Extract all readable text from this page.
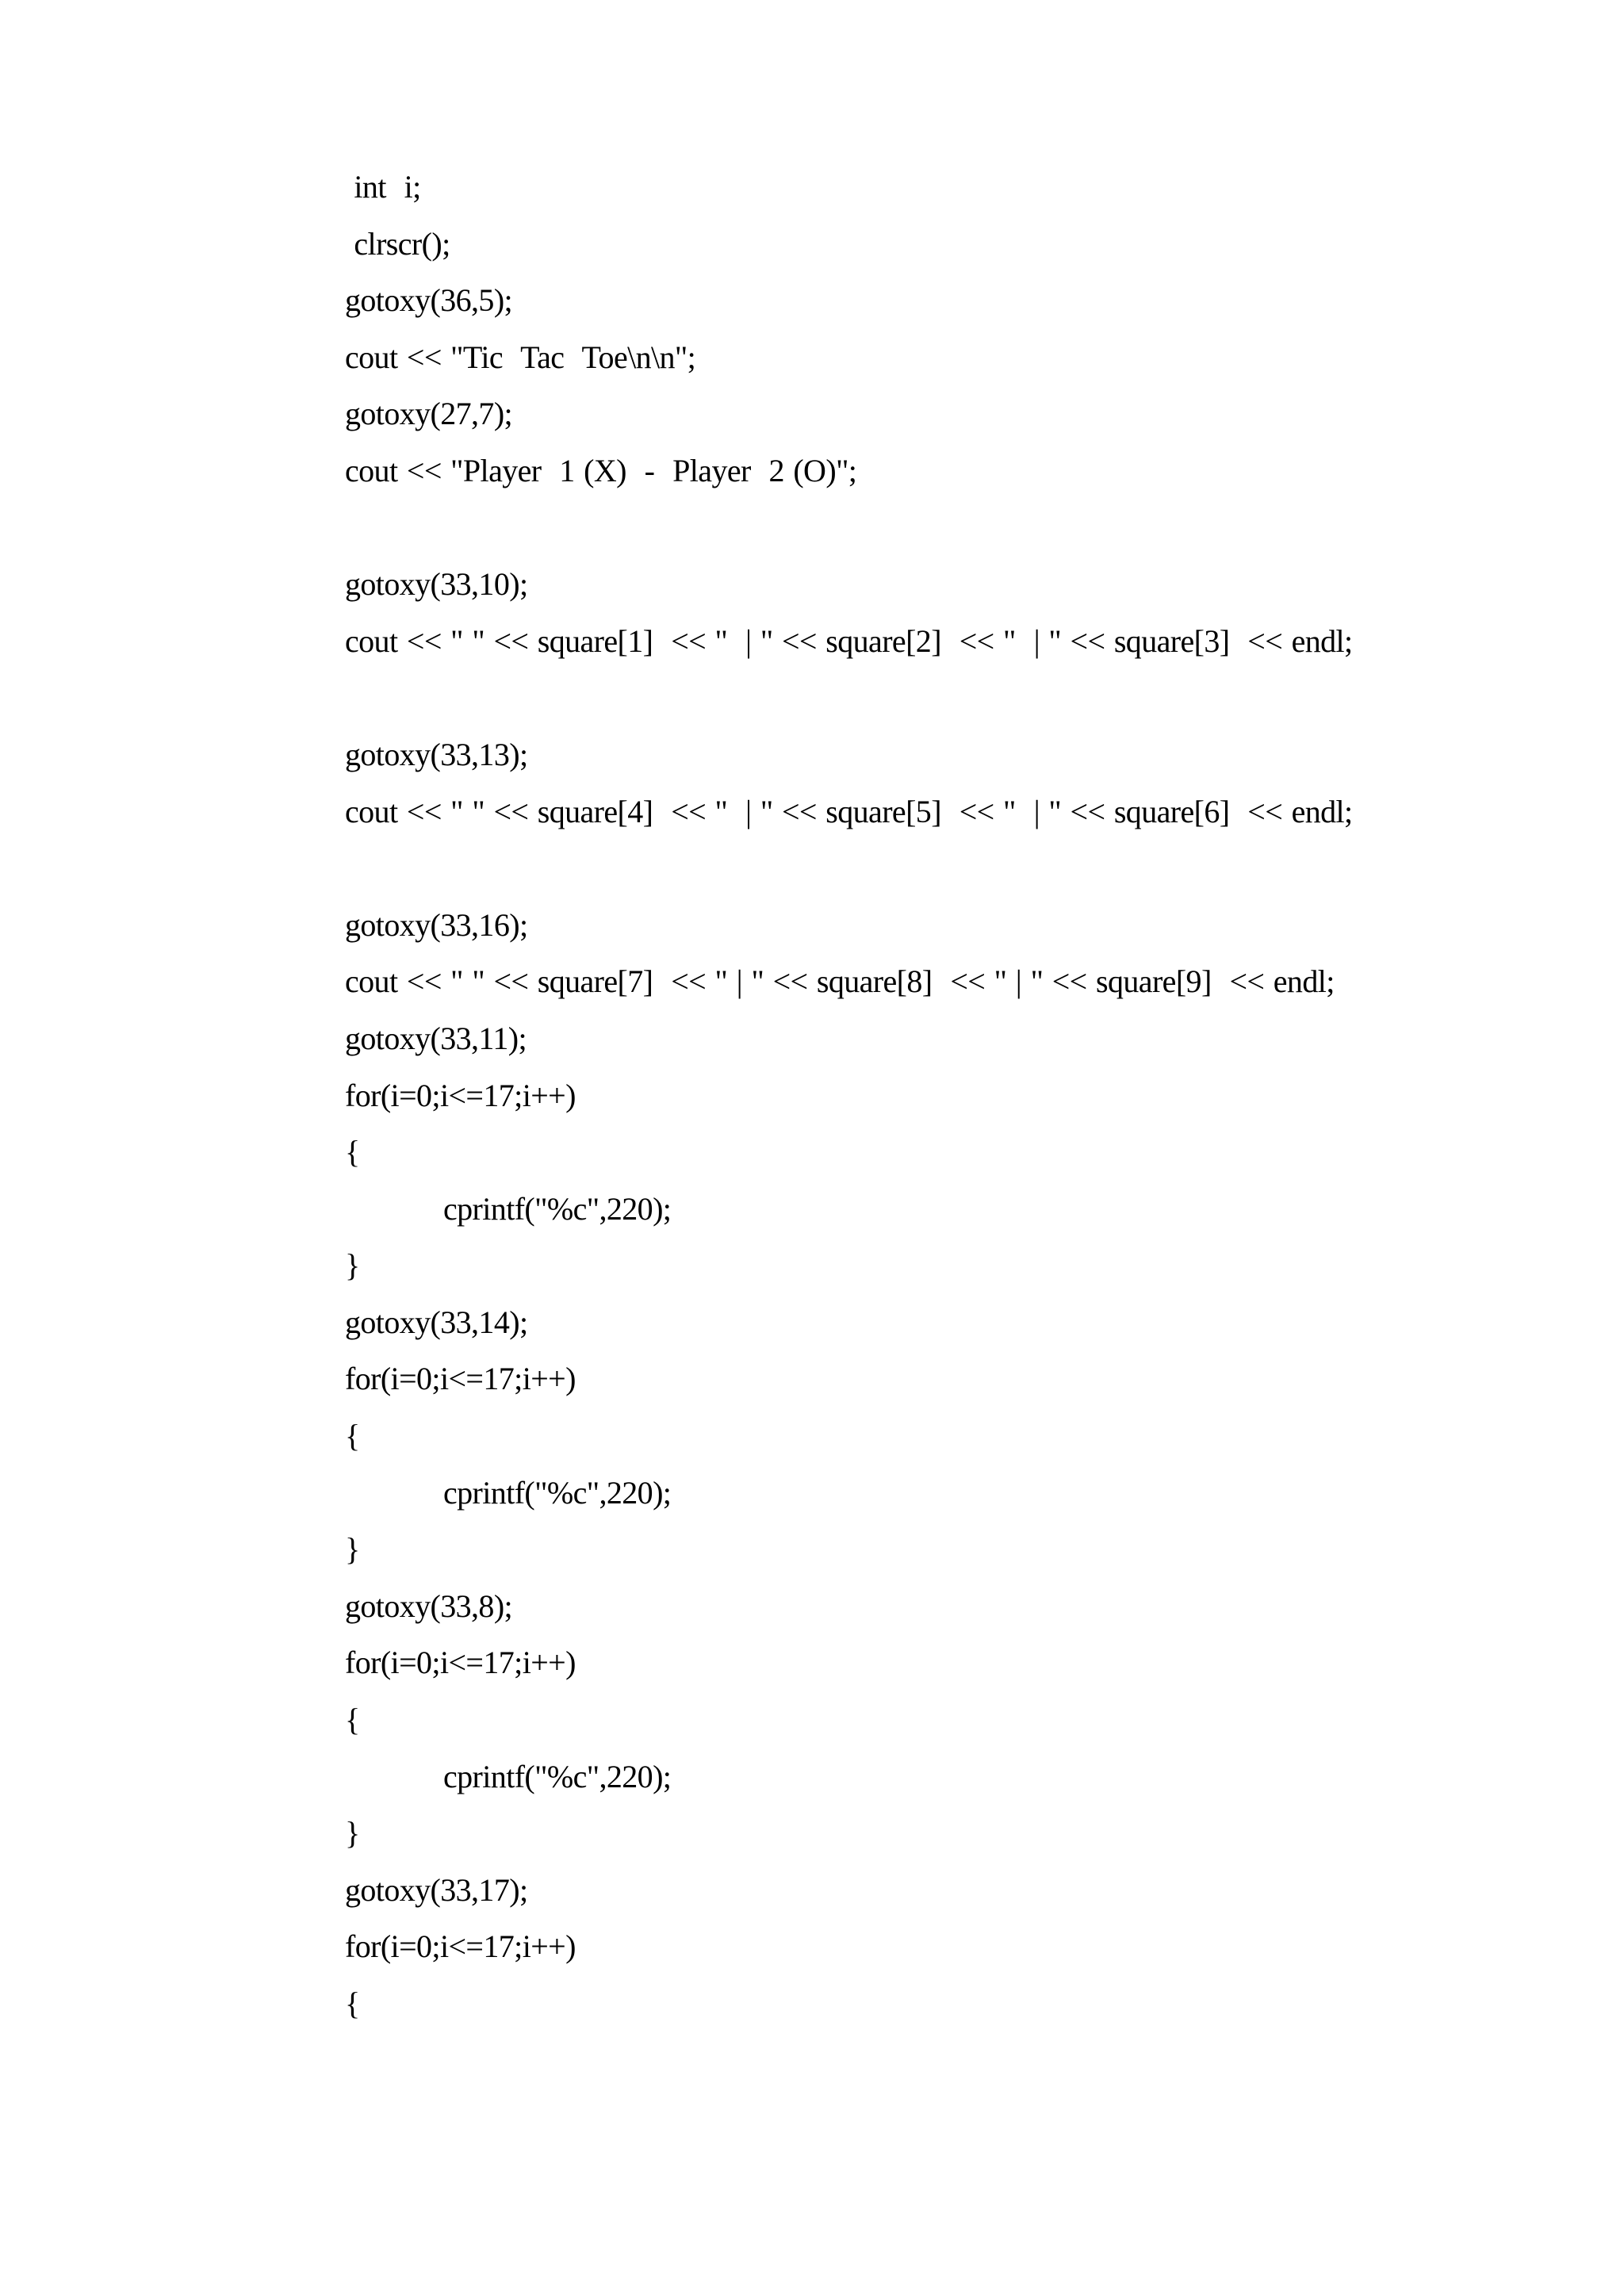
int  i;
clrscr();
gotoxy(36,5);
cout << "Tic  Tac  Toe\n\n";
gotoxy(27,7);
cout << "Player  1 (X)  -  Player  2 (O)";
gotoxy(33,10);
cout << " " << square[1]  << "  | " << square[2]  << "  | " << square[3]  << endl;
gotoxy(33,13);
cout << " " << square[4]  << "  | " << square[5]  << "  | " << square[6]  << endl;
gotoxy(33,16);
cout << " " << square[7]  << " | " << square[8]  << " | " << square[9]  << endl;
gotoxy(33,11);
for(i=0;i<=17;i++)
{
cprintf("%c",220);
}
gotoxy(33,14);
for(i=0;i<=17;i++)
{
cprintf("%c",220);
}
gotoxy(33,8);
for(i=0;i<=17;i++)
{
cprintf("%c",220);
}
gotoxy(33,17);
for(i=0;i<=17;i++)
{
